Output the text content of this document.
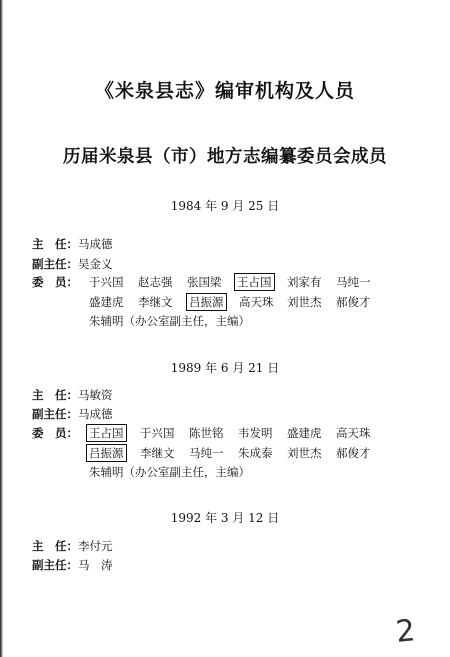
《米泉县志》编审机构及人员
历届米泉县（市）地方志编纂委员会成员
1984 年 9 月 25 日
主　任：马成德
副主任：吴金义
委　员： 于兴国 赵志强 张国梁 王占国 刘家有 马纯一
盛建虎 李继文 吕振源 高天珠 刘世杰 郝俊才
朱辅明（办公室副主任，主编）
1989 年 6 月 21 日
主　任：马敏资
副主任：马成德
委　员： 王占国 于兴国 陈世铭 韦发明 盛建虎 高天珠
吕振源 李继文 马纯一 朱成泰 刘世杰 郝俊才
朱辅明（办公室副主任，主编）
1992 年 3 月 12 日
主　任：李付元
副主任：马　涛
2
